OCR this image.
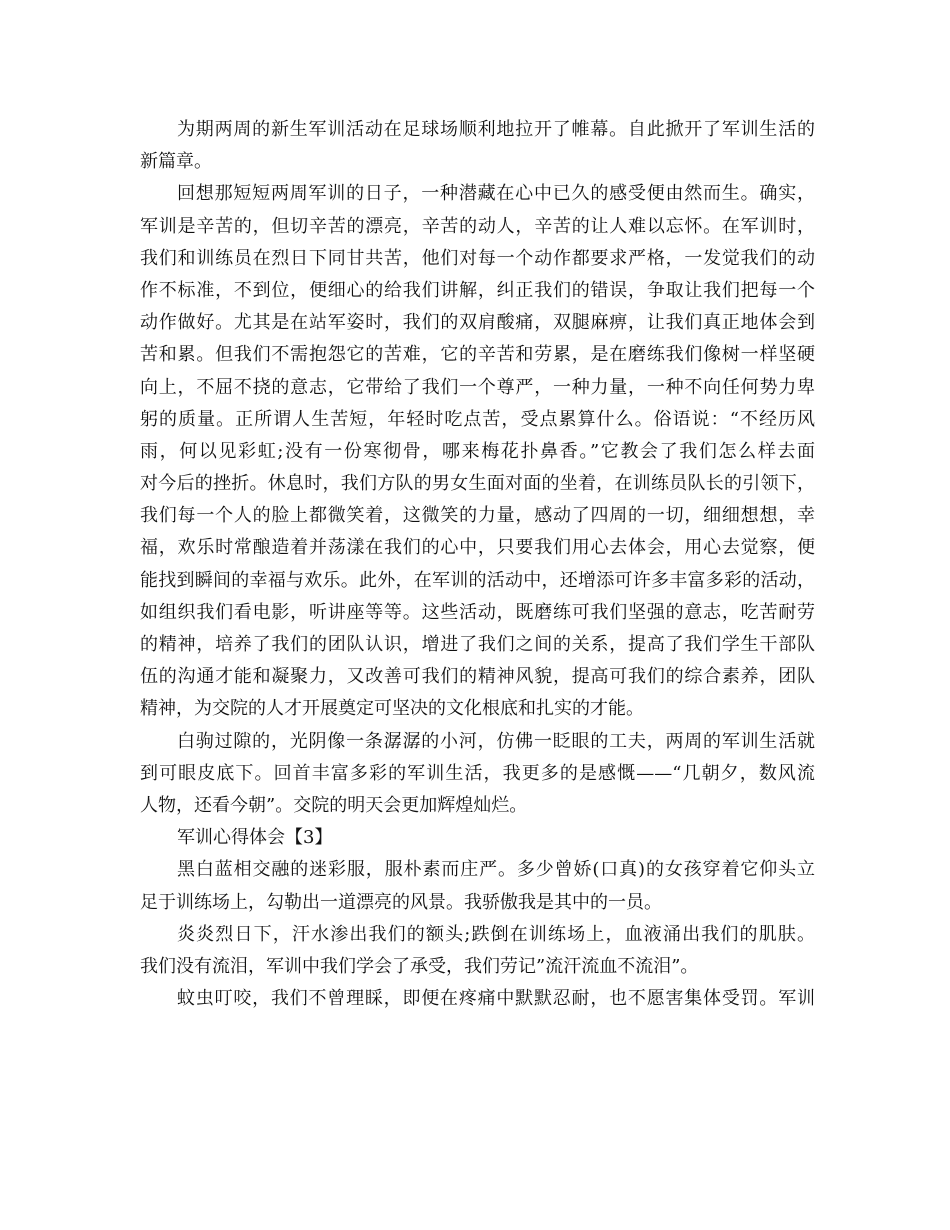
为期两周的新生军训活动在足球场顺利地拉开了帷幕。自此掀开了军训生活的
新篇章。
回想那短短两周军训的日子，一种潜藏在心中已久的感受便由然而生。确实，
军训是辛苦的，但切辛苦的漂亮，辛苦的动人，辛苦的让人难以忘怀。在军训时，
我们和训练员在烈日下同甘共苦，他们对每一个动作都要求严格，一发觉我们的动
作不标准，不到位，便细心的给我们讲解，纠正我们的错误，争取让我们把每一个
动作做好。尤其是在站军姿时，我们的双肩酸痛，双腿麻痹，让我们真正地体会到
苦和累。但我们不需抱怨它的苦难，它的辛苦和劳累，是在磨练我们像树一样坚硬
向上，不屈不挠的意志，它带给了我们一个尊严，一种力量，一种不向任何势力卑
躬的质量。正所谓人生苦短，年轻时吃点苦，受点累算什么。俗语说：“不经历风
雨，何以见彩虹;没有一份寒彻骨，哪来梅花扑鼻香。”它教会了我们怎么样去面
对今后的挫折。休息时，我们方队的男女生面对面的坐着，在训练员队长的引领下，
我们每一个人的脸上都微笑着，这微笑的力量，感动了四周的一切，细细想想，幸
福，欢乐时常酿造着并荡漾在我们的心中，只要我们用心去体会，用心去觉察，便
能找到瞬间的幸福与欢乐。此外，在军训的活动中，还增添可许多丰富多彩的活动，
如组织我们看电影，听讲座等等。这些活动，既磨练可我们坚强的意志，吃苦耐劳
的精神，培养了我们的团队认识，增进了我们之间的关系，提高了我们学生干部队
伍的沟通才能和凝聚力，又改善可我们的精神风貌，提高可我们的综合素养，团队
精神，为交院的人才开展奠定可坚决的文化根底和扎实的才能。
白驹过隙的，光阴像一条潺潺的小河，仿佛一眨眼的工夫，两周的军训生活就
到可眼皮底下。回首丰富多彩的军训生活，我更多的是感慨——“几朝夕，数风流
人物，还看今朝”。交院的明天会更加辉煌灿烂。
军训心得体会【3】
黑白蓝相交融的迷彩服，服朴素而庄严。多少曾娇(口真)的女孩穿着它仰头立
足于训练场上，勾勒出一道漂亮的风景。我骄傲我是其中的一员。
炎炎烈日下，汗水渗出我们的额头;跌倒在训练场上，血液涌出我们的肌肤。
我们没有流泪，军训中我们学会了承受，我们劳记”流汗流血不流泪”。
蚊虫叮咬，我们不曾理睬，即便在疼痛中默默忍耐，也不愿害集体受罚。军训
